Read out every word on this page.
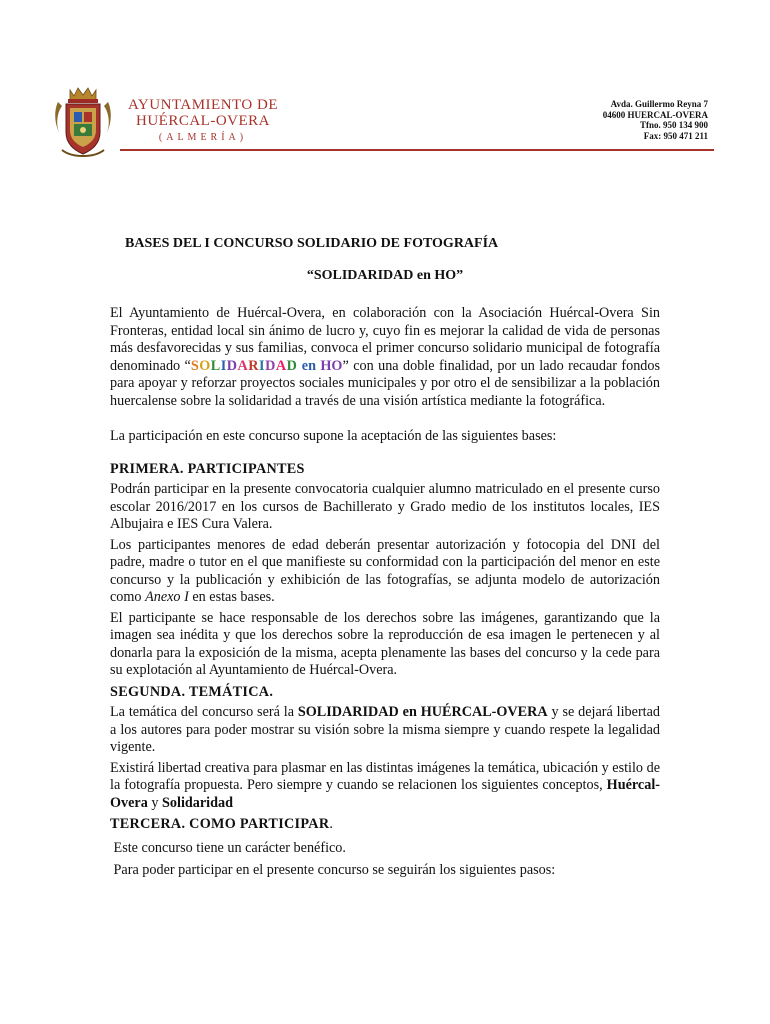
AYUNTAMIENTO DE
HUÉRCAL-OVERA
(ALMERÍA)
Avda. Guillermo Reyna 7
04600 HUERCAL-OVERA
Tfno. 950 134 900
Fax: 950 471 211
BASES DEL I CONCURSO SOLIDARIO DE FOTOGRAFÍA
“SOLIDARIDAD en HO”

El Ayuntamiento de Huércal-Overa, en colaboración con la Asociación Huércal-Overa Sin Fronteras, entidad local sin ánimo de lucro y, cuyo fin es mejorar la calidad de vida de personas más desfavorecidas y sus familias, convoca el primer concurso solidario municipal de fotografía denominado “SOLIDARIDAD en HO” con una doble finalidad, por un lado recaudar fondos para apoyar y reforzar proyectos sociales municipales y por otro el de sensibilizar a la población huercalense sobre la solidaridad a través de una visión artística mediante la fotográfica.

La participación en este concurso supone la aceptación de las siguientes bases:

PRIMERA. PARTICIPANTES

Podrán participar en la presente convocatoria cualquier alumno matriculado en el presente curso escolar 2016/2017 en los cursos de Bachillerato y Grado medio de los institutos locales, IES Albujaira e IES Cura Valera.

Los participantes menores de edad deberán presentar autorización y fotocopia del DNI del padre, madre o tutor en el que manifieste su conformidad con la participación del menor en este concurso y la publicación y exhibición de las fotografías, se adjunta modelo de autorización como Anexo I en estas bases.

El participante se hace responsable de los derechos sobre las imágenes, garantizando que la imagen sea inédita y que los derechos sobre la reproducción de esa imagen le pertenecen y al donarla para la exposición de la misma, acepta plenamente las bases del concurso y la cede para su explotación al Ayuntamiento de Huércal-Overa.

SEGUNDA. TEMÁTICA.

La temática del concurso será la SOLIDARIDAD en HUÉRCAL-OVERA y se dejará libertad a los autores para poder mostrar su visión sobre la misma siempre y cuando respete la legalidad vigente.

Existirá libertad creativa para plasmar en las distintas imágenes la temática, ubicación y estilo de la fotografía propuesta. Pero siempre y cuando se relacionen los siguientes conceptos, Huércal-Overa y Solidaridad

TERCERA. COMO PARTICIPAR.

Este concurso tiene un carácter benéfico.

Para poder participar en el presente concurso se seguirán los siguientes pasos:
